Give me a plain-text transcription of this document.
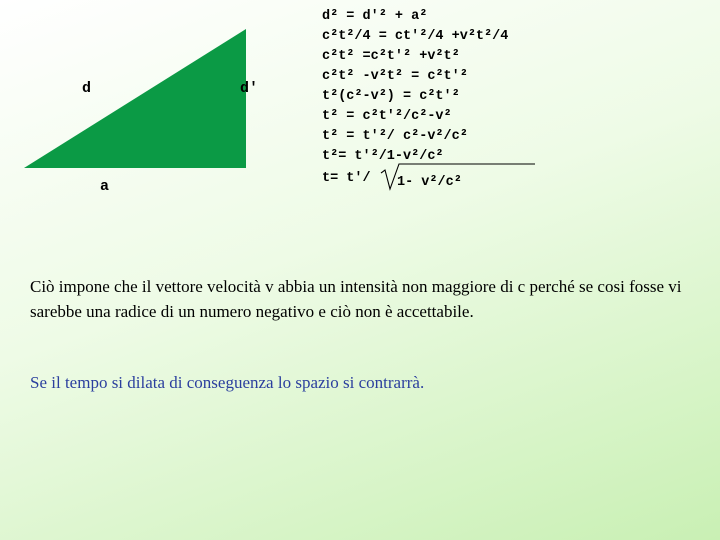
d	d'
a
d² = d'² + a²
c²t²/4 = ct'²/4 +v²t²/4
c²t² =c²t'² +v²t²
c²t² -v²t² = c²t'²
t²(c²-v²) = c²t'²
t² = c²t'²/c²-v²
t² = t'²/ c²-v²/c²
t²= t'²/1-v²/c²
t= t'/ 1- v²/c²

Ciò impone che il vettore velocità v abbia un intensità non maggiore di c perché se cosi fosse vi sarebbe una radice di un numero negativo e ciò non è accettabile.

Se il tempo si dilata di conseguenza lo spazio si contrarrà.
